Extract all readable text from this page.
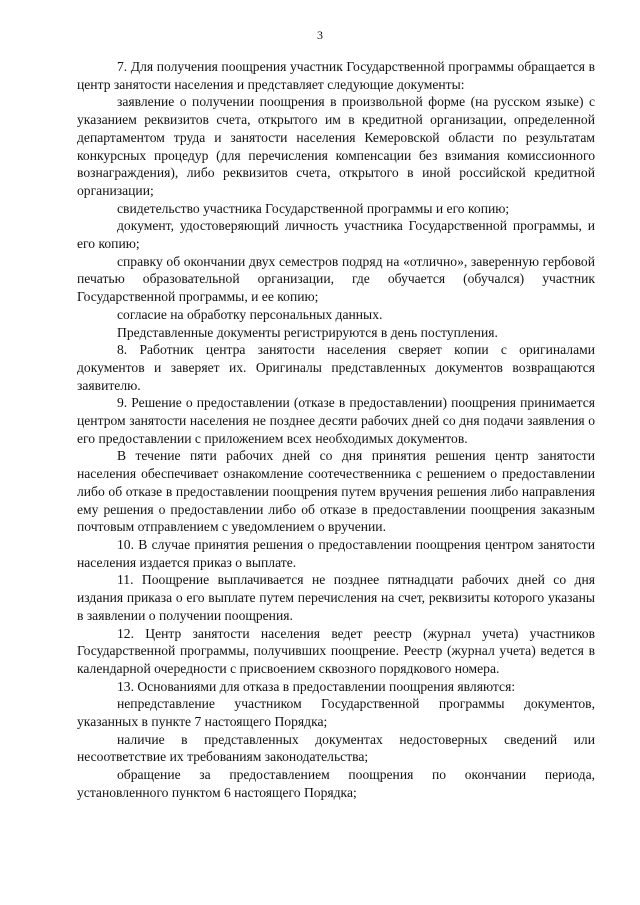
3

7. Для получения поощрения участник Государственной программы обращается в центр занятости населения и представляет следующие документы:

заявление о получении поощрения в произвольной форме (на русском языке) с указанием реквизитов счета, открытого им в кредитной организации, определенной департаментом труда и занятости населения Кемеровской области по результатам конкурсных процедур (для перечисления компенсации без взимания комиссионного вознаграждения), либо реквизитов счета, открытого в иной российской кредитной организации;

свидетельство участника Государственной программы и его копию;

документ, удостоверяющий личность участника Государственной программы, и его копию;

справку об окончании двух семестров подряд на «отлично», заверенную гербовой печатью образовательной организации, где обучается (обучался) участник Государственной программы, и ее копию;

согласие на обработку персональных данных.

Представленные документы регистрируются в день поступления.

8. Работник центра занятости населения сверяет копии с оригиналами документов и заверяет их. Оригиналы представленных документов возвращаются заявителю.

9. Решение о предоставлении (отказе в предоставлении) поощрения принимается центром занятости населения не позднее десяти рабочих дней со дня подачи заявления о его предоставлении с приложением всех необходимых документов.

В течение пяти рабочих дней со дня принятия решения центр занятости населения обеспечивает ознакомление соотечественника с решением о предоставлении либо об отказе в предоставлении поощрения путем вручения решения либо направления ему решения о предоставлении либо об отказе в предоставлении поощрения заказным почтовым отправлением с уведомлением о вручении.

10. В случае принятия решения о предоставлении поощрения центром занятости населения издается приказ о выплате.

11. Поощрение выплачивается не позднее пятнадцати рабочих дней со дня издания приказа о его выплате путем перечисления на счет, реквизиты которого указаны в заявлении о получении поощрения.

12. Центр занятости населения ведет реестр (журнал учета) участников Государственной программы, получивших поощрение. Реестр (журнал учета) ведется в календарной очередности с присвоением сквозного порядкового номера.

13. Основаниями для отказа в предоставлении поощрения являются:

непредставление участником Государственной программы документов, указанных в пункте 7 настоящего Порядка;

наличие в представленных документах недостоверных сведений или несоответствие их требованиям законодательства;

обращение за предоставлением поощрения по окончании периода, установленного пунктом 6 настоящего Порядка;
